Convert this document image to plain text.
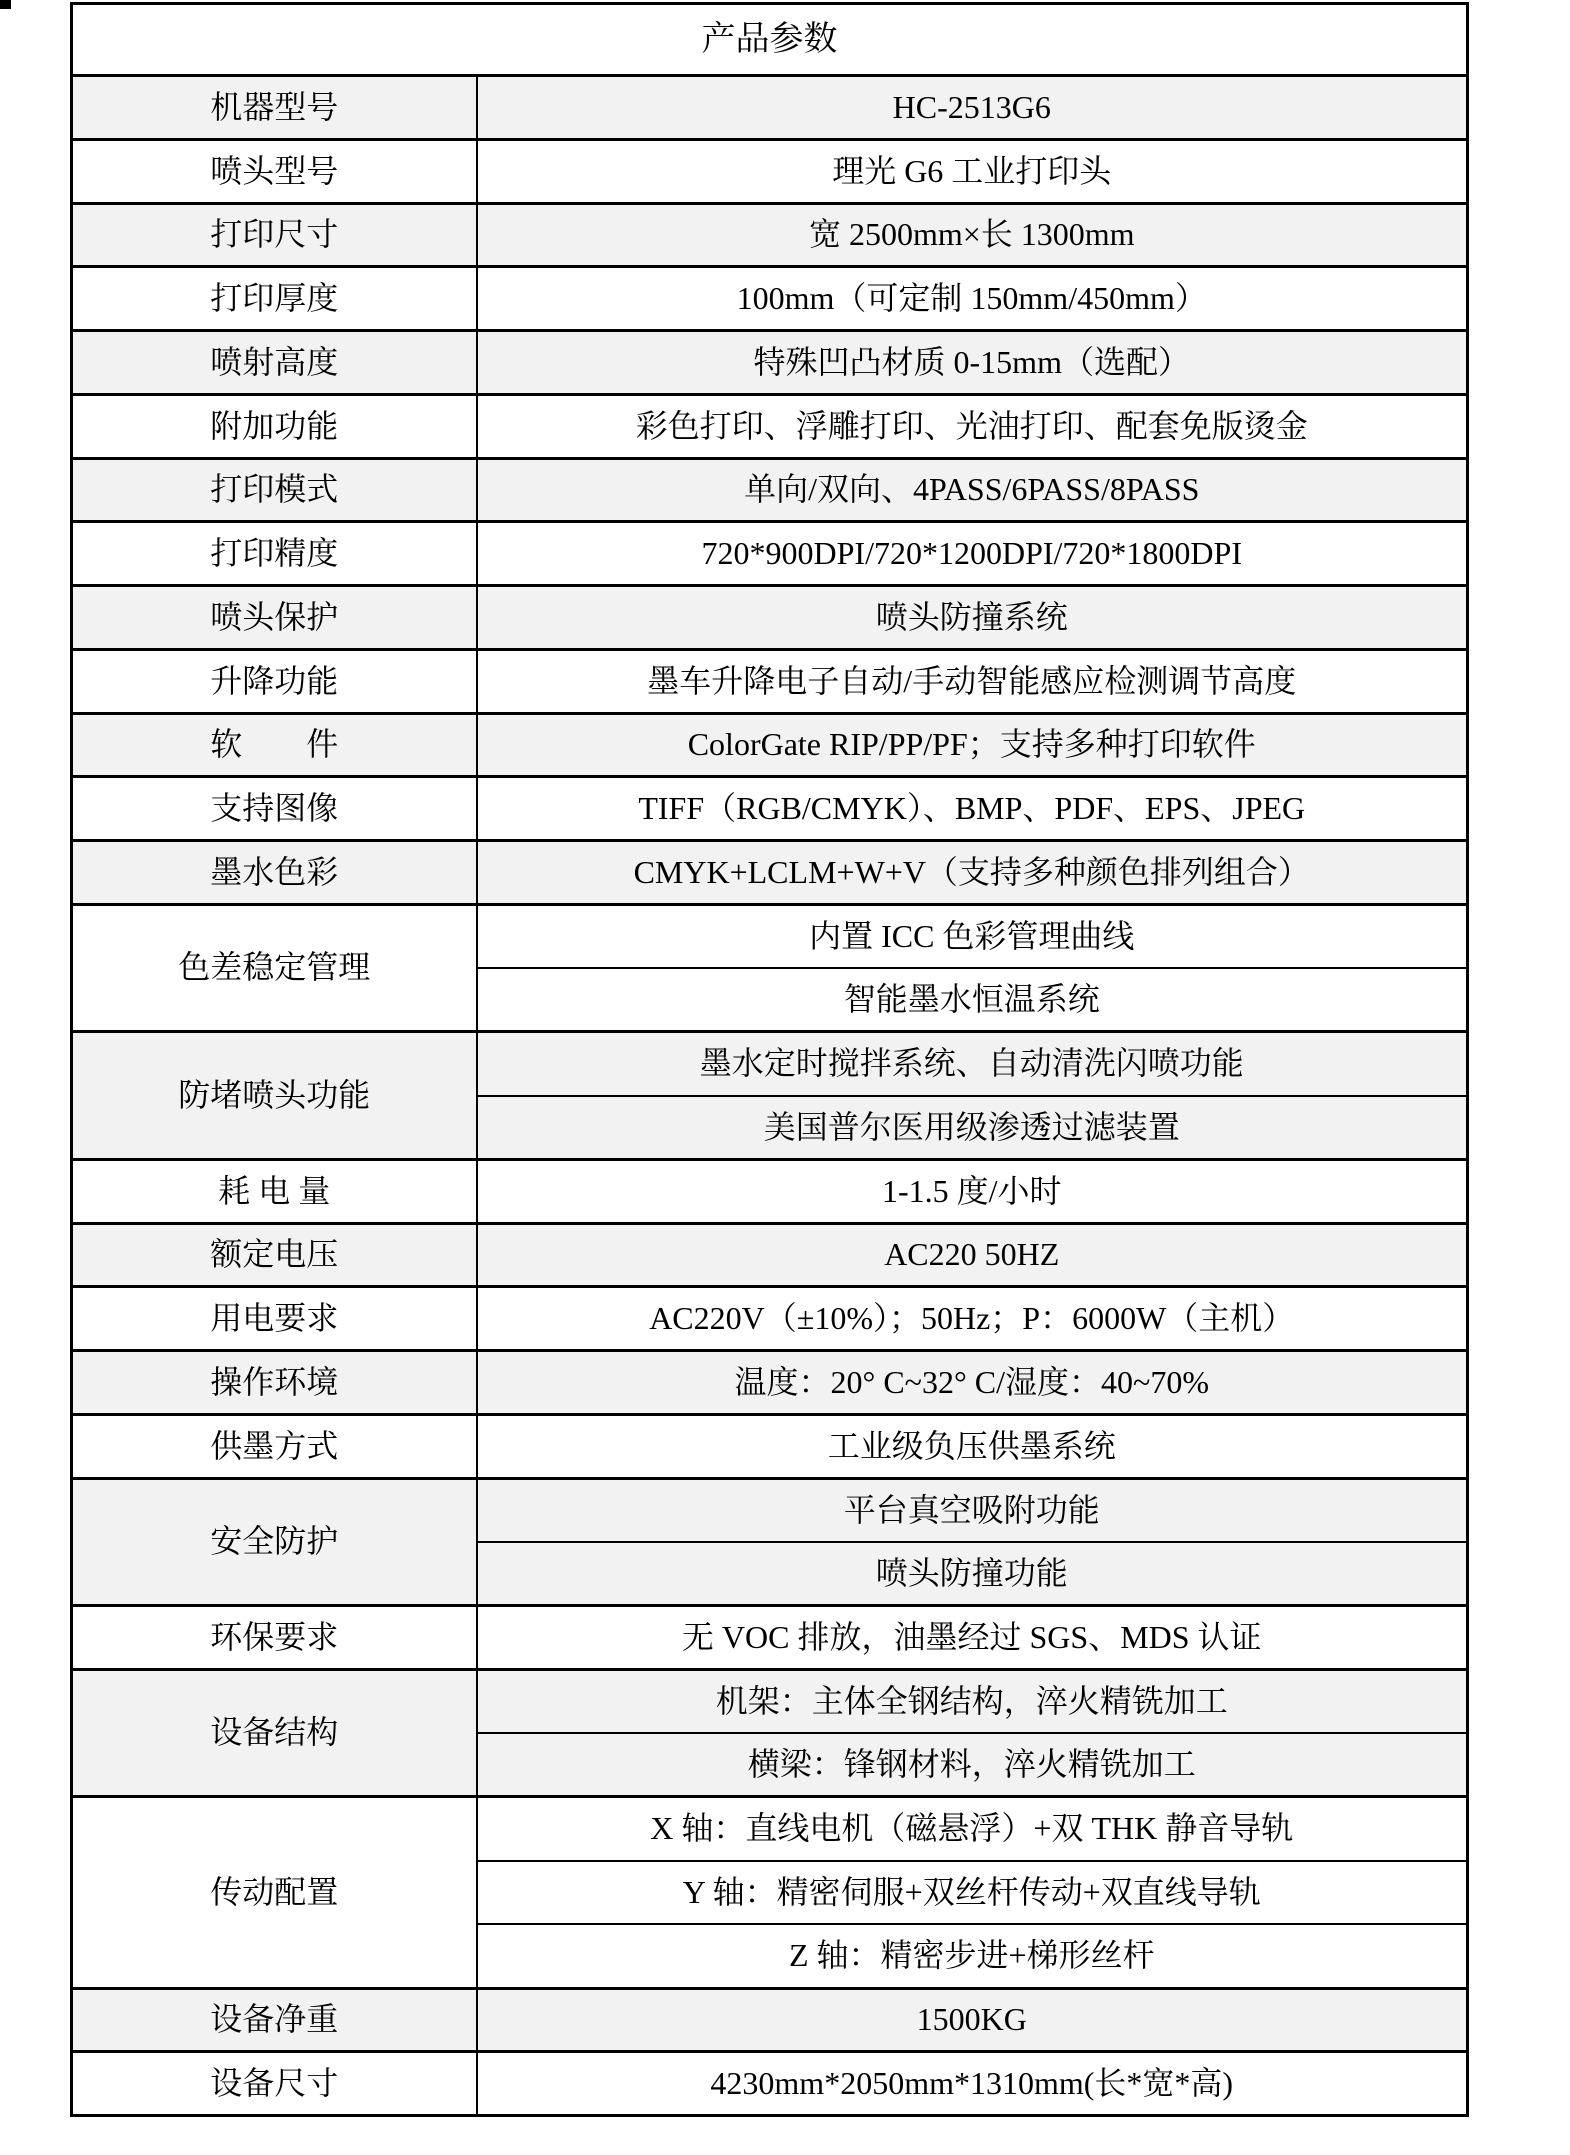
产品参数	
机器型号	HC-2513G6
喷头型号	理光 G6 工业打印头
打印尺寸	宽 2500mm×长 1300mm
打印厚度	100mm（可定制 150mm/450mm）
喷射高度	特殊凹凸材质 0-15mm（选配）
附加功能	彩色打印、浮雕打印、光油打印、配套免版烫金
打印模式	单向/双向、4PASS/6PASS/8PASS
打印精度	720*900DPI/720*1200DPI/720*1800DPI
喷头保护	喷头防撞系统
升降功能	墨车升降电子自动/手动智能感应检测调节高度
软　　件	ColorGate RIP/PP/PF；支持多种打印软件
支持图像	TIFF（RGB/CMYK）、BMP、PDF、EPS、JPEG
墨水色彩	CMYK+LCLM+W+V（支持多种颜色排列组合）
色差稳定管理	内置 ICC 色彩管理曲线
	智能墨水恒温系统
防堵喷头功能	墨水定时搅拌系统、自动清洗闪喷功能
	美国普尔医用级渗透过滤装置
耗 电 量	1-1.5 度/小时
额定电压	AC220 50HZ
用电要求	AC220V（±10%）；50Hz；P：6000W（主机）
操作环境	温度：20° C~32° C/湿度：40~70%
供墨方式	工业级负压供墨系统
安全防护	平台真空吸附功能
	喷头防撞功能
环保要求	无 VOC 排放，油墨经过 SGS、MDS 认证
设备结构	机架：主体全钢结构，淬火精铣加工
	横梁：锋钢材料，淬火精铣加工
传动配置	X 轴：直线电机（磁悬浮）+双 THK 静音导轨
	Y 轴：精密伺服+双丝杆传动+双直线导轨
	Z 轴：精密步进+梯形丝杆
设备净重	1500KG
设备尺寸	4230mm*2050mm*1310mm(长*宽*高)
